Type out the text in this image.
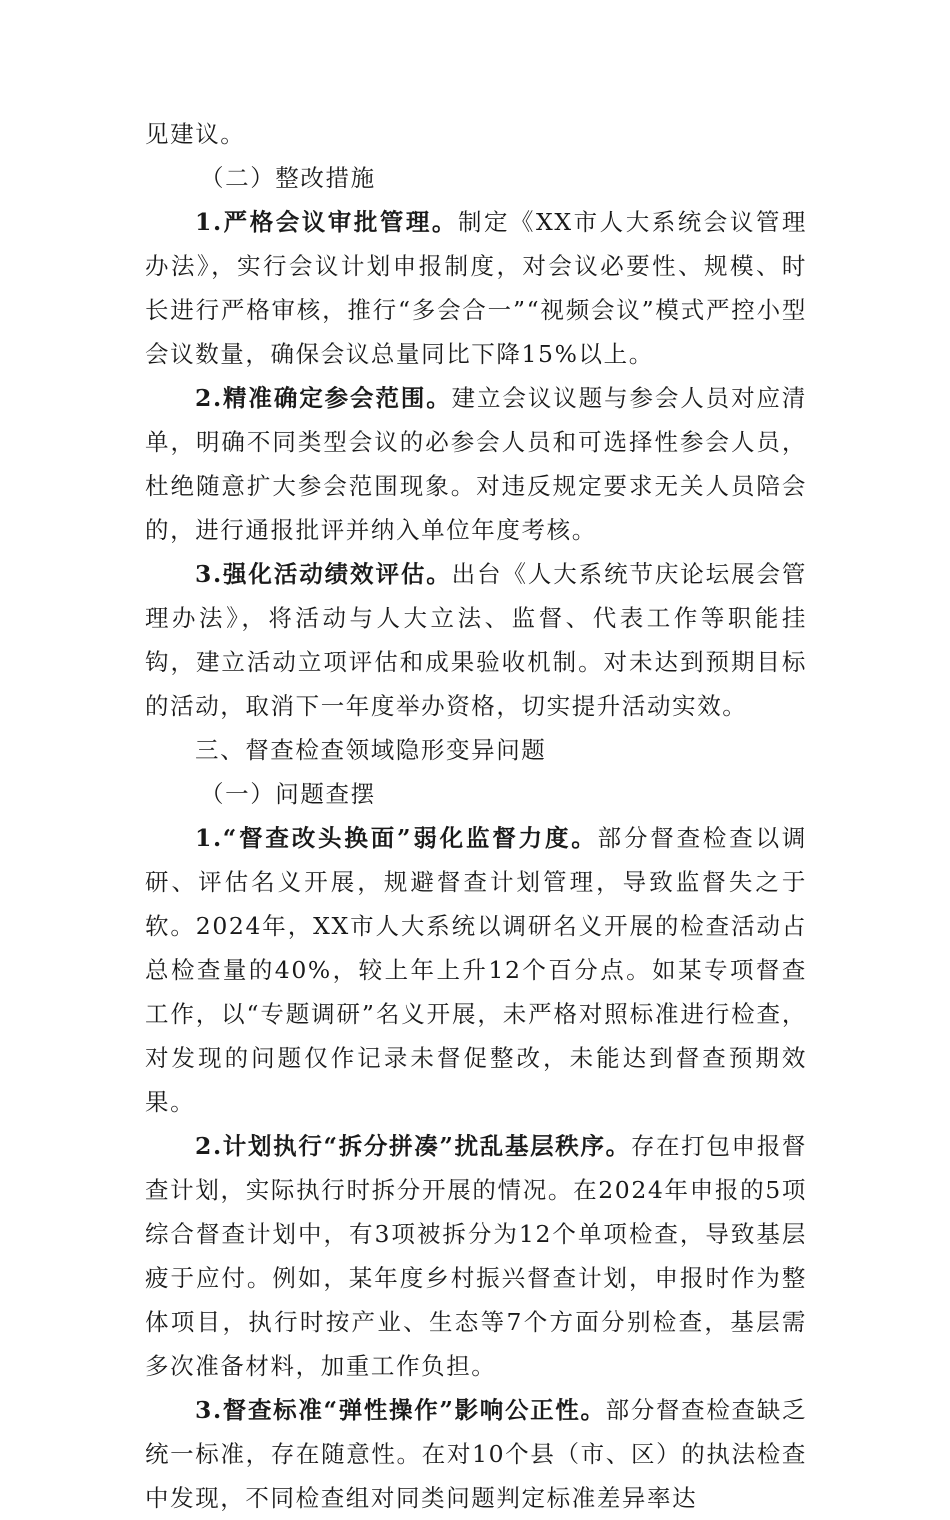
见建议。

（二）整改措施

1.严格会议审批管理。制定《XX市人大系统会议管理办法》，实行会议计划申报制度，对会议必要性、规模、时长进行严格审核，推行“多会合一”“视频会议”模式严控小型会议数量，确保会议总量同比下降15%以上。

2.精准确定参会范围。建立会议议题与参会人员对应清单，明确不同类型会议的必参会人员和可选择性参会人员，杜绝随意扩大参会范围现象。对违反规定要求无关人员陪会的，进行通报批评并纳入单位年度考核。

3.强化活动绩效评估。出台《人大系统节庆论坛展会管理办法》，将活动与人大立法、监督、代表工作等职能挂钩，建立活动立项评估和成果验收机制。对未达到预期目标的活动，取消下一年度举办资格，切实提升活动实效。

三、督查检查领域隐形变异问题

（一）问题查摆

1.“督查改头换面”弱化监督力度。部分督查检查以调研、评估名义开展，规避督查计划管理，导致监督失之于软。2024年，XX市人大系统以调研名义开展的检查活动占总检查量的40%，较上年上升12个百分点。如某专项督查工作，以“专题调研”名义开展，未严格对照标准进行检查，对发现的问题仅作记录未督促整改，未能达到督查预期效果。

2.计划执行“拆分拼凑”扰乱基层秩序。存在打包申报督查计划，实际执行时拆分开展的情况。在2024年申报的5项综合督查计划中，有3项被拆分为12个单项检查，导致基层疲于应付。例如，某年度乡村振兴督查计划，申报时作为整体项目，执行时按产业、生态等7个方面分别检查，基层需多次准备材料，加重工作负担。

3.督查标准“弹性操作”影响公正性。部分督查检查缺乏统一标准，存在随意性。在对10个县（市、区）的执法检查中发现，不同检查组对同类问题判定标准差异率达
